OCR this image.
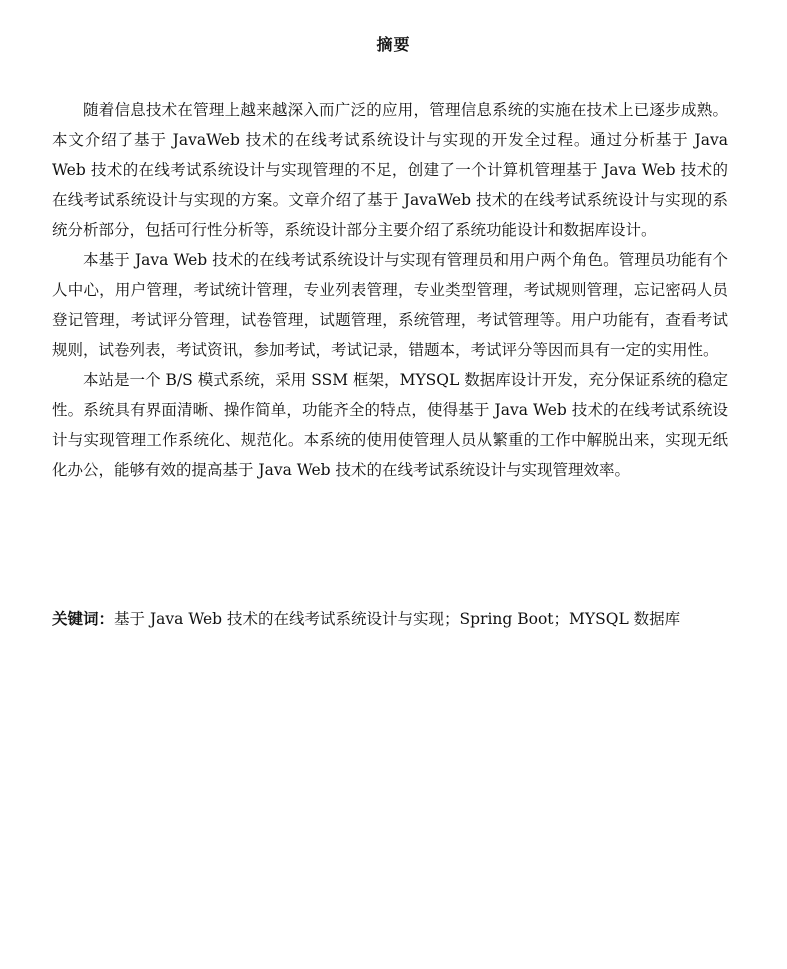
摘要

随着信息技术在管理上越来越深入而广泛的应用，管理信息系统的实施在技术上已逐步成熟。本文介绍了基于 JavaWeb 技术的在线考试系统设计与实现的开发全过程。通过分析基于 Java Web 技术的在线考试系统设计与实现管理的不足，创建了一个计算机管理基于 Java Web 技术的在线考试系统设计与实现的方案。文章介绍了基于 JavaWeb 技术的在线考试系统设计与实现的系统分析部分，包括可行性分析等，系统设计部分主要介绍了系统功能设计和数据库设计。

本基于 Java Web 技术的在线考试系统设计与实现有管理员和用户两个角色。管理员功能有个人中心，用户管理，考试统计管理，专业列表管理，专业类型管理，考试规则管理，忘记密码人员登记管理，考试评分管理，试卷管理，试题管理，系统管理，考试管理等。用户功能有，查看考试规则，试卷列表，考试资讯，参加考试，考试记录，错题本，考试评分等因而具有一定的实用性。

本站是一个 B/S 模式系统，采用 SSM 框架，MYSQL 数据库设计开发，充分保证系统的稳定性。系统具有界面清晰、操作简单，功能齐全的特点，使得基于 Java Web 技术的在线考试系统设计与实现管理工作系统化、规范化。本系统的使用使管理人员从繁重的工作中解脱出来，实现无纸化办公，能够有效的提高基于 Java Web 技术的在线考试系统设计与实现管理效率。

关键词：基于 Java Web 技术的在线考试系统设计与实现；Spring Boot；MYSQL 数据库
